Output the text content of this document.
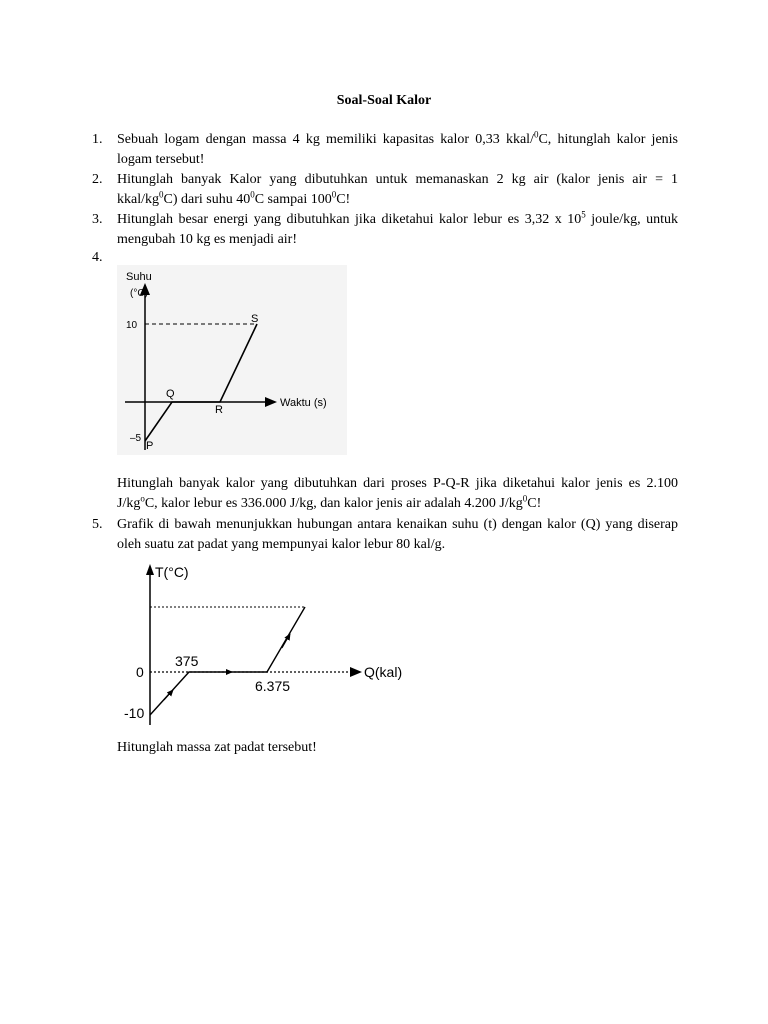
Soal-Soal Kalor
1. Sebuah logam dengan massa 4 kg memiliki kapasitas kalor 0,33 kkal/$^0$C, hitunglah kalor jenis logam tersebut!
2. Hitunglah banyak Kalor yang dibutuhkan untuk memanaskan 2 kg air (kalor jenis air = 1 kkal/$kg^0C$) dari suhu $40^0C$ sampai $100^0C$!
3. Hitunglah besar energi yang dibutuhkan jika diketahui kalor lebur es 3,32 x $10^5$ joule/kg, untuk mengubah 10 kg es menjadi air!
4.
Suhu
(°C)
10
–5
Waktu (s)
P
Q
R
S
Hitunglah banyak kalor yang dibutuhkan dari proses P-Q-R jika diketahui kalor jenis es 2.100 $J/kg^oC$, kalor lebur es 336.000 J/kg, dan kalor jenis air adalah 4.200 $J/kg^0C$!
5. Grafik di bawah menunjukkan hubungan antara kenaikan suhu (t) dengan kalor (Q) yang diserap oleh suatu zat padat yang mempunyai kalor lebur 80 kal/g.
T(°C)
0
-10
375
6.375
Q(kal)
Hitunglah massa zat padat tersebut!
